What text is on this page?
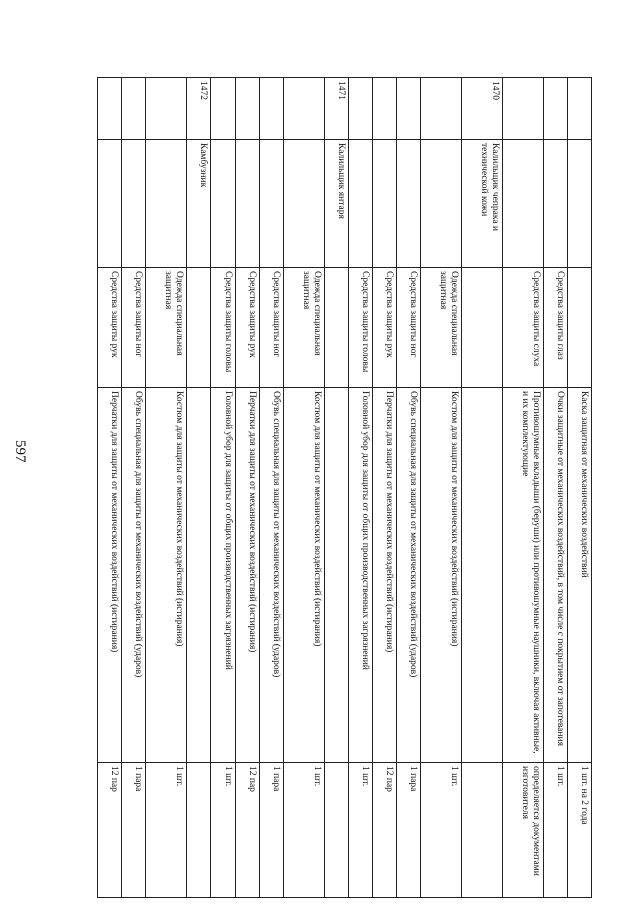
597
				Каска защитная от механических воздействий	1 шт. на 2 года
		Средства защиты глаз	Очки защитные от механических воздействий, в том числе с покрытием от запотевания	1 шт.
		Средства защиты слуха	Противошумные вкладыши (беруши) или противошумные наушники, включая активные, и их комплектующие	определяется документами изготовителя
1470	Калильщик чепрака и технической кожи			
		Одежда специальная защитная	Костюм для защиты от механических воздействий (истирания)	1 шт.
		Средства защиты ног	Обувь специальная для защиты от механических воздействий (ударов)	1 пара
		Средства защиты рук	Перчатки для защиты от механических воздействий (истирания)	12 пар
		Средства защиты головы	Головной убор для защиты от общих производственных загрязнений	1 шт.
1471	Калильщик янтаря			
		Одежда специальная защитная	Костюм для защиты от механических воздействий (истирания)	1 шт.
		Средства защиты ног	Обувь специальная для защиты от механических воздействий (ударов)	1 пара
		Средства защиты рук	Перчатки для защиты от механических воздействий (истирания)	12 пар
		Средства защиты головы	Головной убор для защиты от общих производственных загрязнений	1 шт.
1472	Камбузник			
		Одежда специальная защитная	Костюм для защиты от механических воздействий (истирания)	1 шт.
		Средства защиты ног	Обувь специальная для защиты от механических воздействий (ударов)	1 пара
		Средства защиты рук	Перчатки для защиты от механических воздействий (истирания)	12 пар
